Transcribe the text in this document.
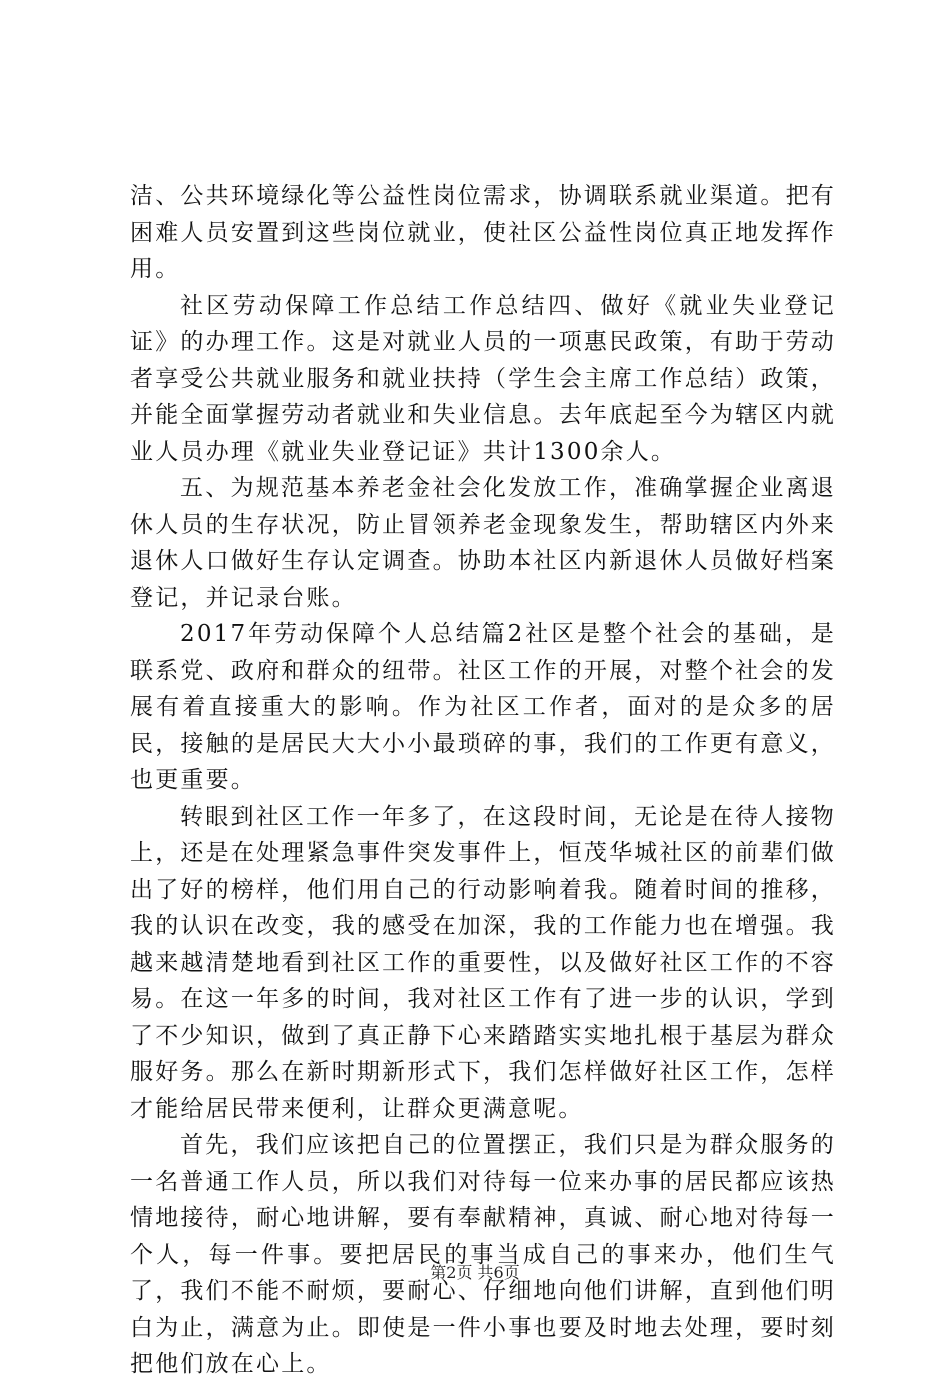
洁、公共环境绿化等公益性岗位需求，协调联系就业渠道。把有困难人员安置到这些岗位就业，使社区公益性岗位真正地发挥作用。

社区劳动保障工作总结工作总结四、做好《就业失业登记证》的办理工作。这是对就业人员的一项惠民政策，有助于劳动者享受公共就业服务和就业扶持（学生会主席工作总结）政策，并能全面掌握劳动者就业和失业信息。去年底起至今为辖区内就业人员办理《就业失业登记证》共计1300余人。

五、为规范基本养老金社会化发放工作，准确掌握企业离退休人员的生存状况，防止冒领养老金现象发生，帮助辖区内外来退休人口做好生存认定调查。协助本社区内新退休人员做好档案登记，并记录台账。

2017年劳动保障个人总结篇2社区是整个社会的基础，是联系党、政府和群众的纽带。社区工作的开展，对整个社会的发展有着直接重大的影响。作为社区工作者，面对的是众多的居民，接触的是居民大大小小最琐碎的事，我们的工作更有意义，也更重要。

转眼到社区工作一年多了，在这段时间，无论是在待人接物上，还是在处理紧急事件突发事件上，恒茂华城社区的前辈们做出了好的榜样，他们用自己的行动影响着我。随着时间的推移，我的认识在改变，我的感受在加深，我的工作能力也在增强。我越来越清楚地看到社区工作的重要性，以及做好社区工作的不容易。在这一年多的时间，我对社区工作有了进一步的认识，学到了不少知识，做到了真正静下心来踏踏实实地扎根于基层为群众服好务。那么在新时期新形式下，我们怎样做好社区工作，怎样才能给居民带来便利，让群众更满意呢。

首先，我们应该把自己的位置摆正，我们只是为群众服务的一名普通工作人员，所以我们对待每一位来办事的居民都应该热情地接待，耐心地讲解，要有奉献精神，真诚、耐心地对待每一个人，每一件事。要把居民的事当成自己的事来办，他们生气了，我们不能不耐烦，要耐心、仔细地向他们讲解，直到他们明白为止，满意为止。即使是一件小事也要及时地去处理，要时刻把他们放在心上。

第2页 共6页
